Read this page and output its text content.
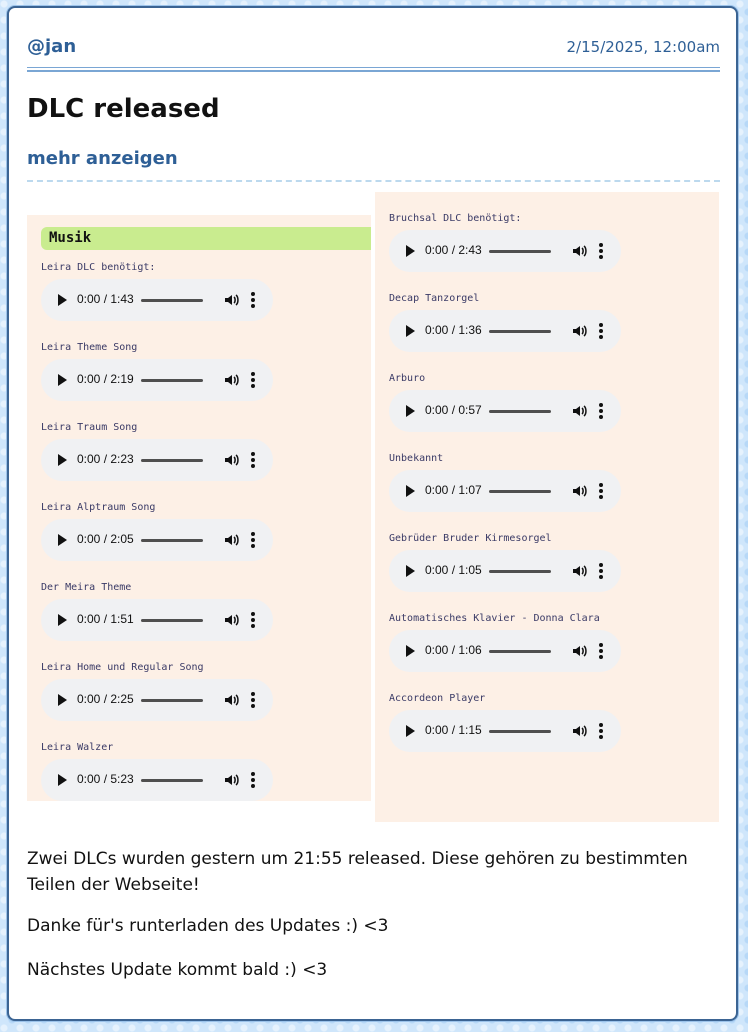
@jan	2/15/2025, 12:00am
DLC released
mehr anzeigen
Musik
Leira DLC benötigt:
0:00 / 1:43
Leira Theme Song
0:00 / 2:19
Leira Traum Song
0:00 / 2:23
Leira Alptraum Song
0:00 / 2:05
Der Meira Theme
0:00 / 1:51
Leira Home und Regular Song
0:00 / 2:25
Leira Walzer
0:00 / 5:23
Bruchsal DLC benötigt:
0:00 / 2:43
Decap Tanzorgel
0:00 / 1:36
Arburo
0:00 / 0:57
Unbekannt
0:00 / 1:07
Gebrüder Bruder Kirmesorgel
0:00 / 1:05
Automatisches Klavier - Donna Clara
0:00 / 1:06
Accordeon Player
0:00 / 1:15

Zwei DLCs wurden gestern um 21:55 released. Diese gehören zu bestimmten Teilen der Webseite!

Danke für's runterladen des Updates :) <3

Nächstes Update kommt bald :) <3
